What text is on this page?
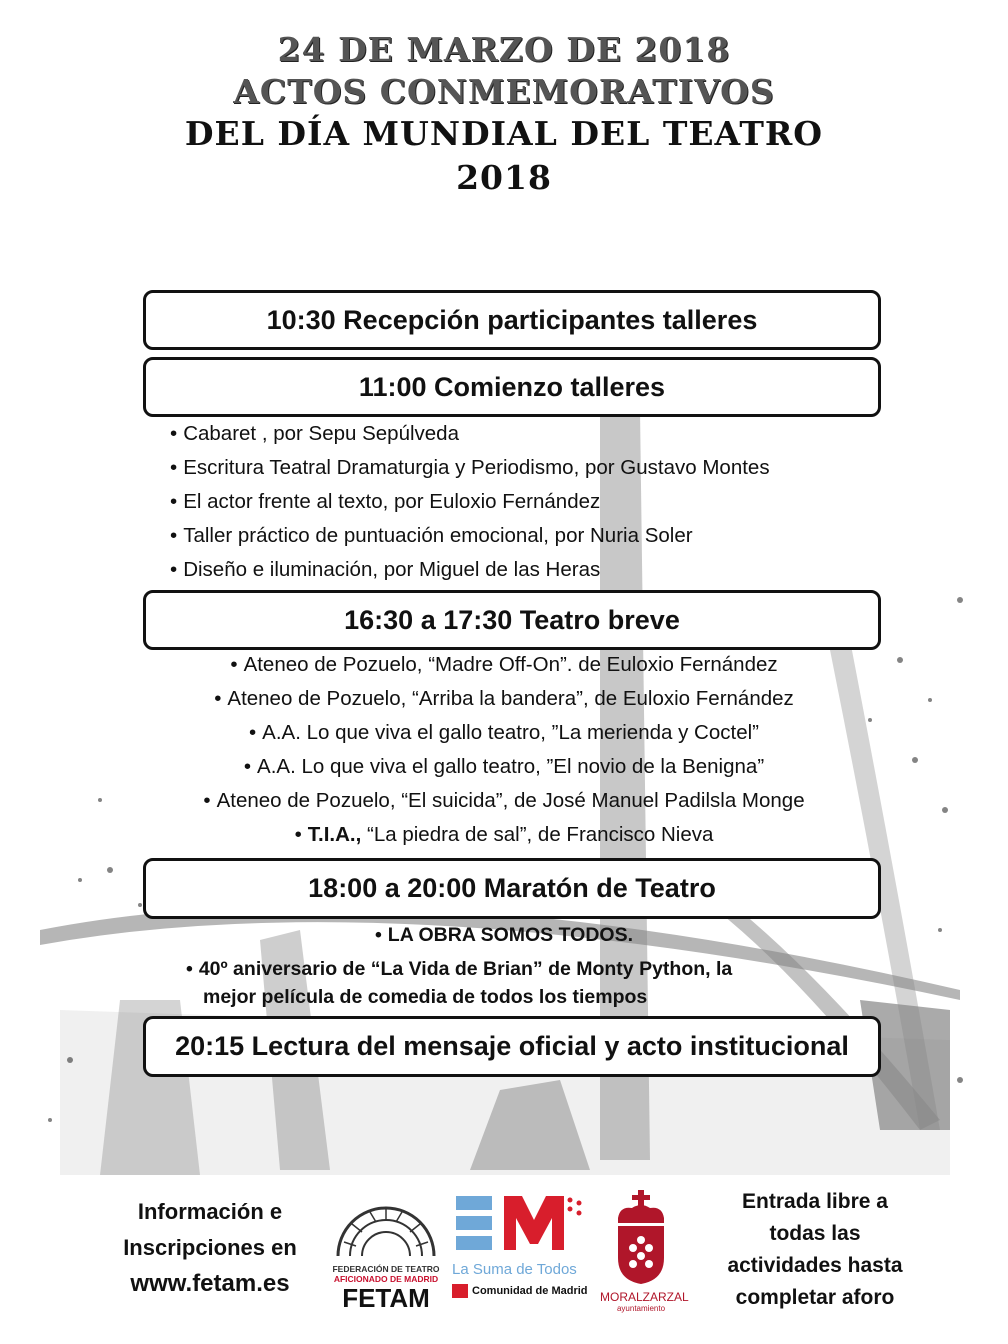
24 DE MARZO DE 2018
ACTOS CONMEMORATIVOS
DEL DÍA MUNDIAL DEL TEATRO
2018
10:30 Recepción participantes talleres
11:00 Comienzo talleres
• Cabaret , por Sepu Sepúlveda
• Escritura Teatral Dramaturgia y Periodismo, por Gustavo Montes
• El actor frente al texto, por Euloxio Fernández
• Taller práctico de puntuación emocional, por Nuria Soler
• Diseño e iluminación, por Miguel de las Heras
16:30 a 17:30 Teatro breve
• Ateneo de Pozuelo, “Madre Off-On”. de Euloxio Fernández
• Ateneo de Pozuelo, “Arriba la bandera”, de Euloxio Fernández
• A.A. Lo que viva el gallo teatro, ”La merienda y Coctel”
• A.A. Lo que viva el gallo teatro, ”El novio de la Benigna”
• Ateneo de Pozuelo, “El suicida”, de José Manuel Padilsla Monge
• T.I.A., “La piedra de sal”, de Francisco Nieva
18:00 a 20:00 Maratón de Teatro
• LA OBRA SOMOS TODOS.
• 40º aniversario de “La Vida de Brian” de Monty Python, la
mejor película de comedia de todos los tiempos
20:15 Lectura del mensaje oficial y acto institucional
Información e
Inscripciones en
www.fetam.es
FEDERACIÓN DE TEATRO
AFICIONADO DE MADRID
FETAM
La Suma de Todos
Comunidad de Madrid MORALZARZAL
ayuntamiento
Entrada libre a
todas las
actividades hasta
completar aforo
